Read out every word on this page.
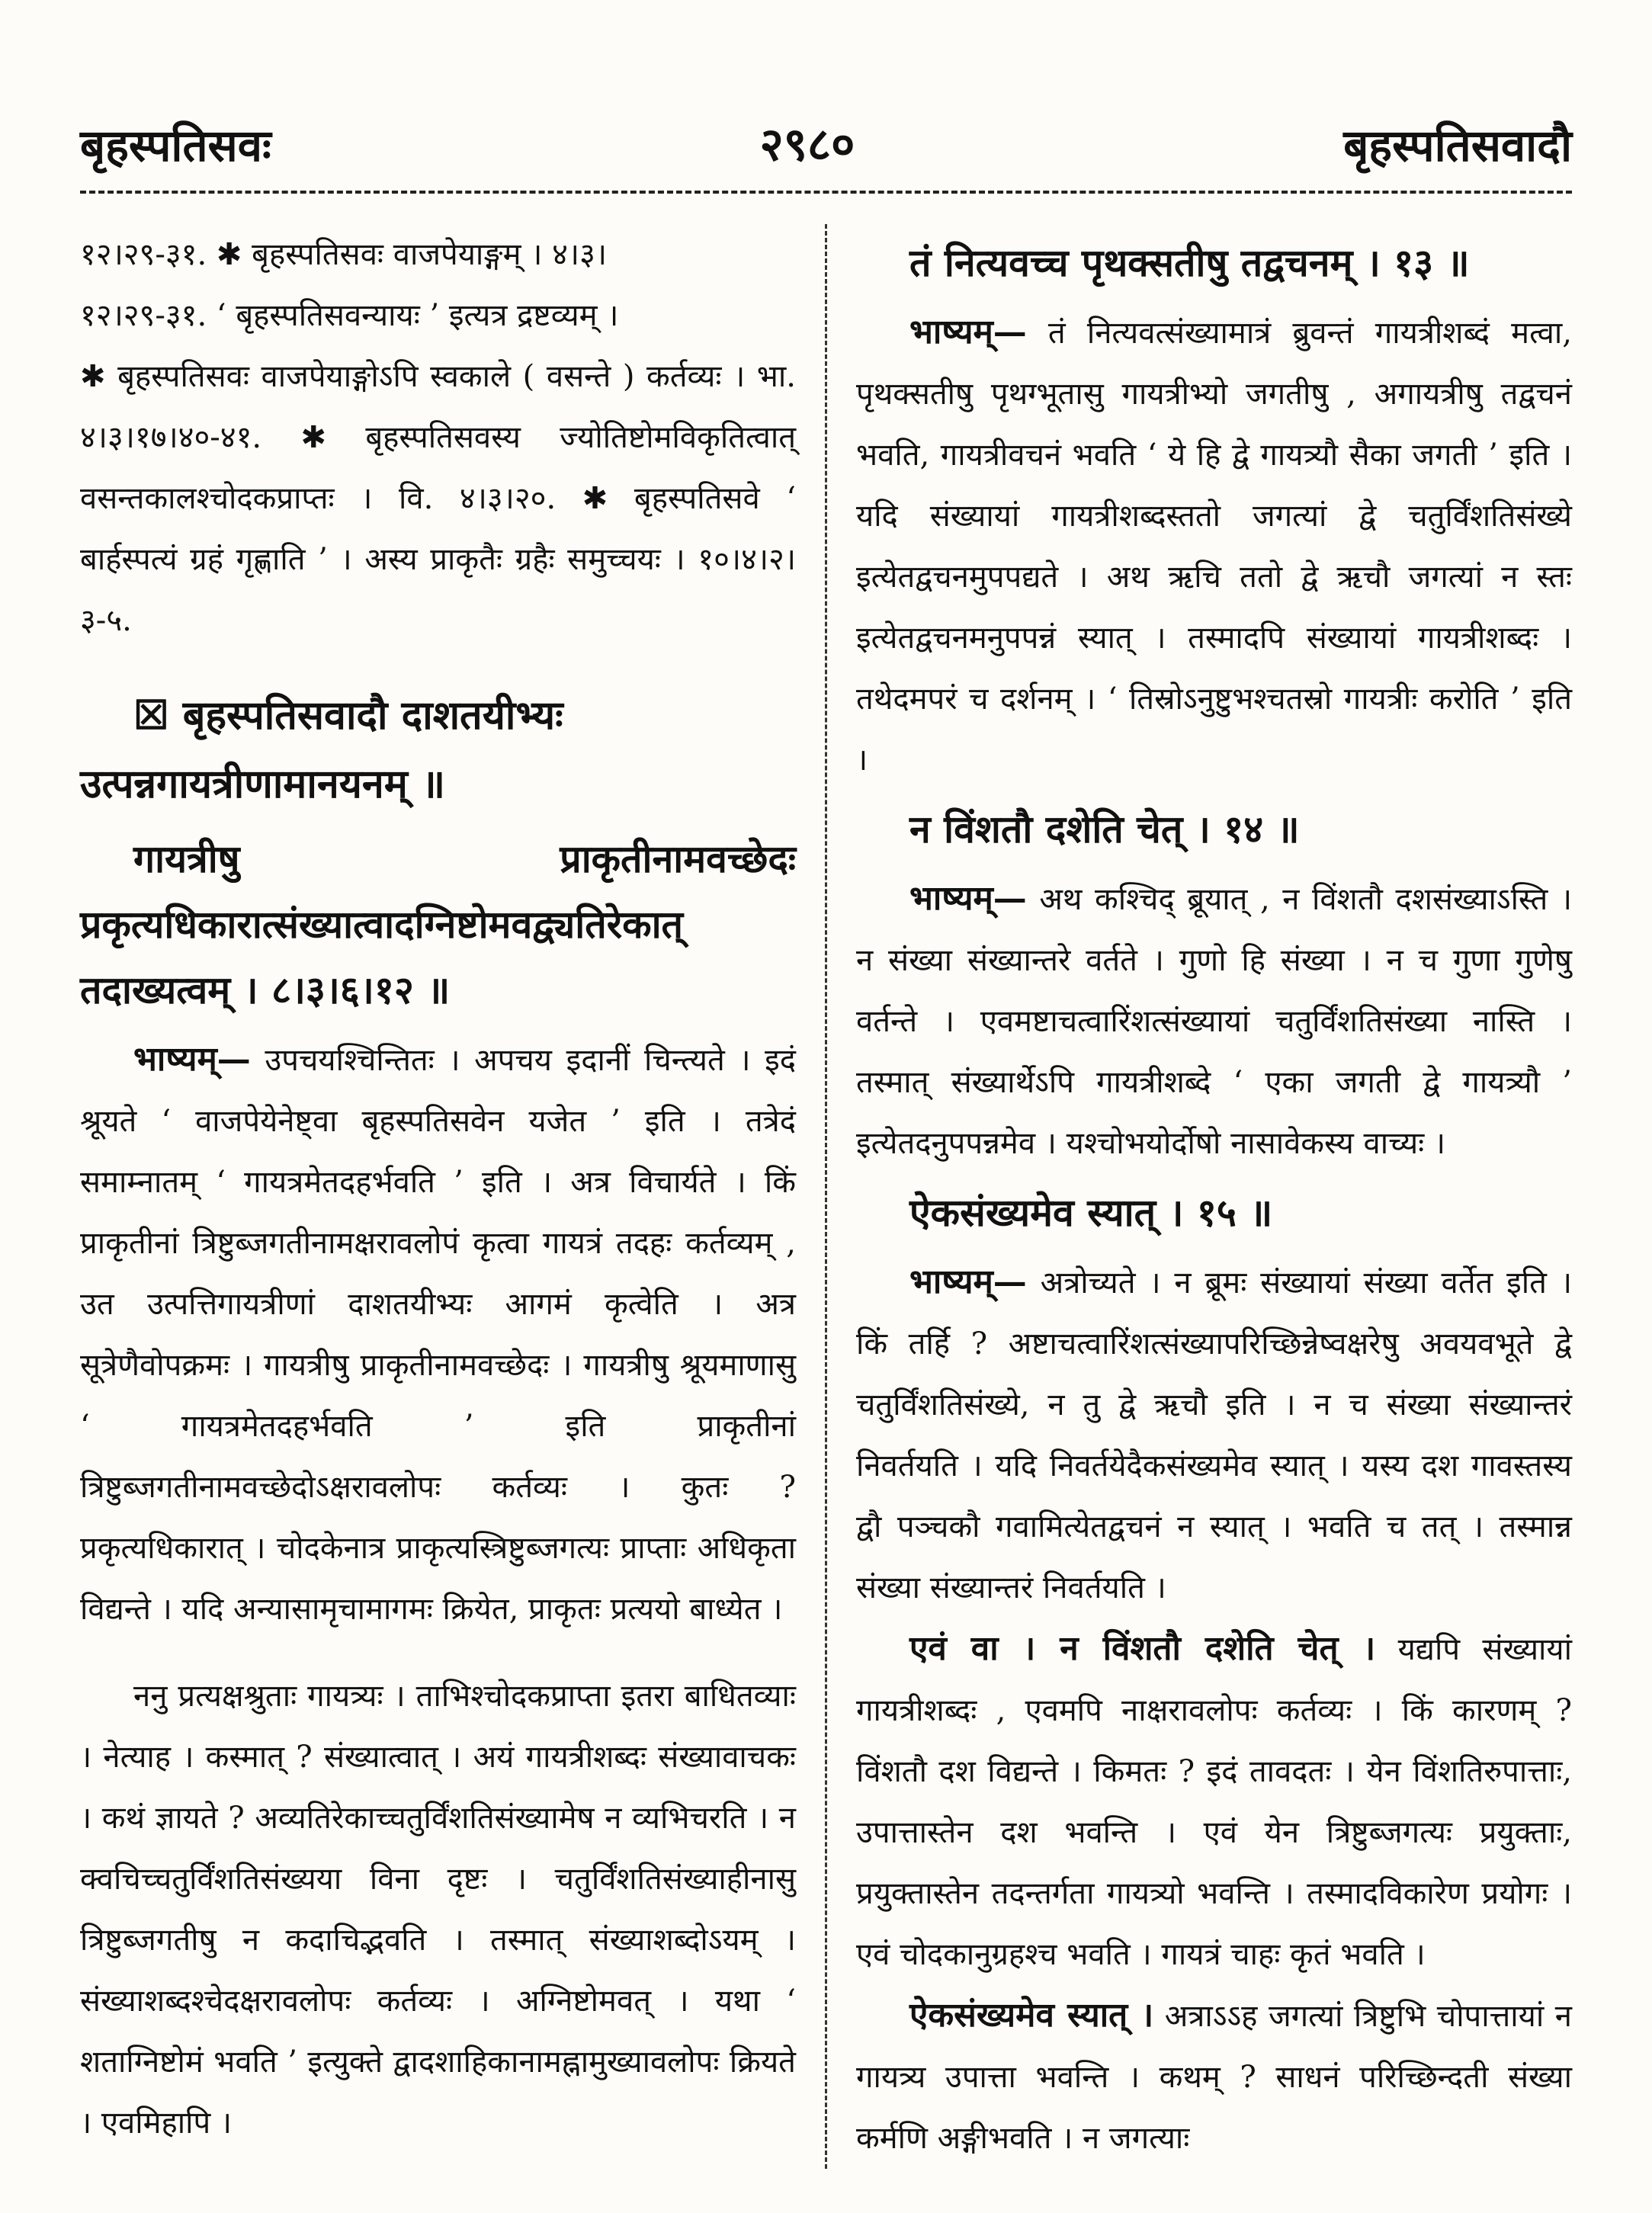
बृहस्पतिसवः	२९८०	बृहस्पतिसवादौ

१२।२९-३१. ✱ बृहस्पतिसवः वाजपेयाङ्गम् । ४।३।

१२।२९-३१. ‘ बृहस्पतिसवन्यायः ’ इत्यत्र द्रष्टव्यम् ।

✱ बृहस्पतिसवः वाजपेयाङ्गोऽपि स्वकाले ( वसन्ते ) कर्तव्यः । भा. ४।३।१७।४०-४१. ✱ बृहस्पतिसवस्य ज्योतिष्टोमविकृतित्वात् वसन्तकालश्चोदकप्राप्तः । वि. ४।३।२०. ✱ बृहस्पतिसवे ‘ बार्हस्पत्यं ग्रहं गृह्णाति ’ । अस्य प्राकृतैः ग्रहैः समुच्चयः । १०।४।२। ३-५.

☒ बृहस्पतिसवादौ दाशतयीभ्यः उत्पन्नगायत्रीणामानयनम् ॥
गायत्रीषु प्राकृतीनामवच्छेदः प्रकृत्यधिकारात्संख्यात्वादग्निष्टोमवद्व्यतिरेकात् तदाख्यत्वम् । ८।३।६।१२ ॥

भाष्यम्— उपचयश्चिन्तितः । अपचय इदानीं चिन्त्यते । इदं श्रूयते ‘ वाजपेयेनेष्ट्वा बृहस्पतिसवेन यजेत ’ इति । तत्रेदं समाम्नातम् ‘ गायत्रमेतदहर्भवति ’ इति । अत्र विचार्यते । किं प्राकृतीनां त्रिष्टुब्जगतीनामक्षरावलोपं कृत्वा गायत्रं तदहः कर्तव्यम् , उत उत्पत्तिगायत्रीणां दाशतयीभ्यः आगमं कृत्वेति । अत्र सूत्रेणैवोपक्रमः । गायत्रीषु प्राकृतीनामवच्छेदः । गायत्रीषु श्रूयमाणासु ‘ गायत्रमेतदहर्भवति ’ इति प्राकृतीनां त्रिष्टुब्जगतीनामवच्छेदोऽक्षरावलोपः कर्तव्यः । कुतः ? प्रकृत्यधिकारात् । चोदकेनात्र प्राकृत्यस्त्रिष्टुब्जगत्यः प्राप्ताः अधिकृता विद्यन्ते । यदि अन्यासामृचामागमः क्रियेत, प्राकृतः प्रत्ययो बाध्येत ।

ननु प्रत्यक्षश्रुताः गायत्र्यः । ताभिश्चोदकप्राप्ता इतरा बाधितव्याः । नेत्याह । कस्मात् ? संख्यात्वात् । अयं गायत्रीशब्दः संख्यावाचकः । कथं ज्ञायते ? अव्यतिरेकाच्चतुर्विंशतिसंख्यामेष न व्यभिचरति । न क्वचिच्चतुर्विंशतिसंख्यया विना दृष्टः । चतुर्विंशतिसंख्याहीनासु त्रिष्टुब्जगतीषु न कदाचिद्भवति । तस्मात् संख्याशब्दोऽयम् । संख्याशब्दश्चेदक्षरावलोपः कर्तव्यः । अग्निष्टोमवत् । यथा ‘ शताग्निष्टोमं भवति ’ इत्युक्ते द्वादशाहिकानामह्नामुख्यावलोपः क्रियते । एवमिहापि ।

तं नित्यवच्च पृथक्सतीषु तद्वचनम् । १३ ॥

भाष्यम्— तं नित्यवत्संख्यामात्रं ब्रुवन्तं गायत्रीशब्दं मत्वा, पृथक्सतीषु पृथग्भूतासु गायत्रीभ्यो जगतीषु , अगायत्रीषु तद्वचनं भवति, गायत्रीवचनं भवति ‘ ये हि द्वे गायत्र्यौ सैका जगती ’ इति । यदि संख्यायां गायत्रीशब्दस्ततो जगत्यां द्वे चतुर्विंशतिसंख्ये इत्येतद्वचनमुपपद्यते । अथ ऋचि ततो द्वे ऋचौ जगत्यां न स्तः इत्येतद्वचनमनुपपन्नं स्यात् । तस्मादपि संख्यायां गायत्रीशब्दः । तथेदमपरं च दर्शनम् । ‘ तिस्रोऽनुष्टुभश्चतस्रो गायत्रीः करोति ’ इति ।

न विंशतौ दशेति चेत् । १४ ॥

भाष्यम्— अथ कश्चिद् ब्रूयात् , न विंशतौ दशसंख्याऽस्ति । न संख्या संख्यान्तरे वर्तते । गुणो हि संख्या । न च गुणा गुणेषु वर्तन्ते । एवमष्टाचत्वारिंशत्संख्यायां चतुर्विंशतिसंख्या नास्ति । तस्मात् संख्यार्थेऽपि गायत्रीशब्दे ‘ एका जगती द्वे गायत्र्यौ ’ इत्येतदनुपपन्नमेव । यश्चोभयोर्दोषो नासावेकस्य वाच्यः ।

ऐकसंख्यमेव स्यात् । १५ ॥

भाष्यम्— अत्रोच्यते । न ब्रूमः संख्यायां संख्या वर्तेत इति । किं तर्हि ? अष्टाचत्वारिंशत्संख्यापरिच्छिन्नेष्वक्षरेषु अवयवभूते द्वे चतुर्विंशतिसंख्ये, न तु द्वे ऋचौ इति । न च संख्या संख्यान्तरं निवर्तयति । यदि निवर्तयेदैकसंख्यमेव स्यात् । यस्य दश गावस्तस्य द्वौ पञ्चकौ गवामित्येतद्वचनं न स्यात् । भवति च तत् । तस्मान्न संख्या संख्यान्तरं निवर्तयति ।

एवं वा । न विंशतौ दशेति चेत् । यद्यपि संख्यायां गायत्रीशब्दः , एवमपि नाक्षरावलोपः कर्तव्यः । किं कारणम् ? विंशतौ दश विद्यन्ते । किमतः ? इदं तावदतः । येन विंशतिरुपात्ताः, उपात्तास्तेन दश भवन्ति । एवं येन त्रिष्टुब्जगत्यः प्रयुक्ताः, प्रयुक्तास्तेन तदन्तर्गता गायत्र्यो भवन्ति । तस्मादविकारेण प्रयोगः । एवं चोदकानुग्रहश्च भवति । गायत्रं चाहः कृतं भवति ।

ऐकसंख्यमेव स्यात् । अत्राऽऽह जगत्यां त्रिष्टुभि चोपात्तायां न गायत्र्य उपात्ता भवन्ति । कथम् ? साधनं परिच्छिन्दती संख्या कर्मणि अङ्गीभवति । न जगत्याः
